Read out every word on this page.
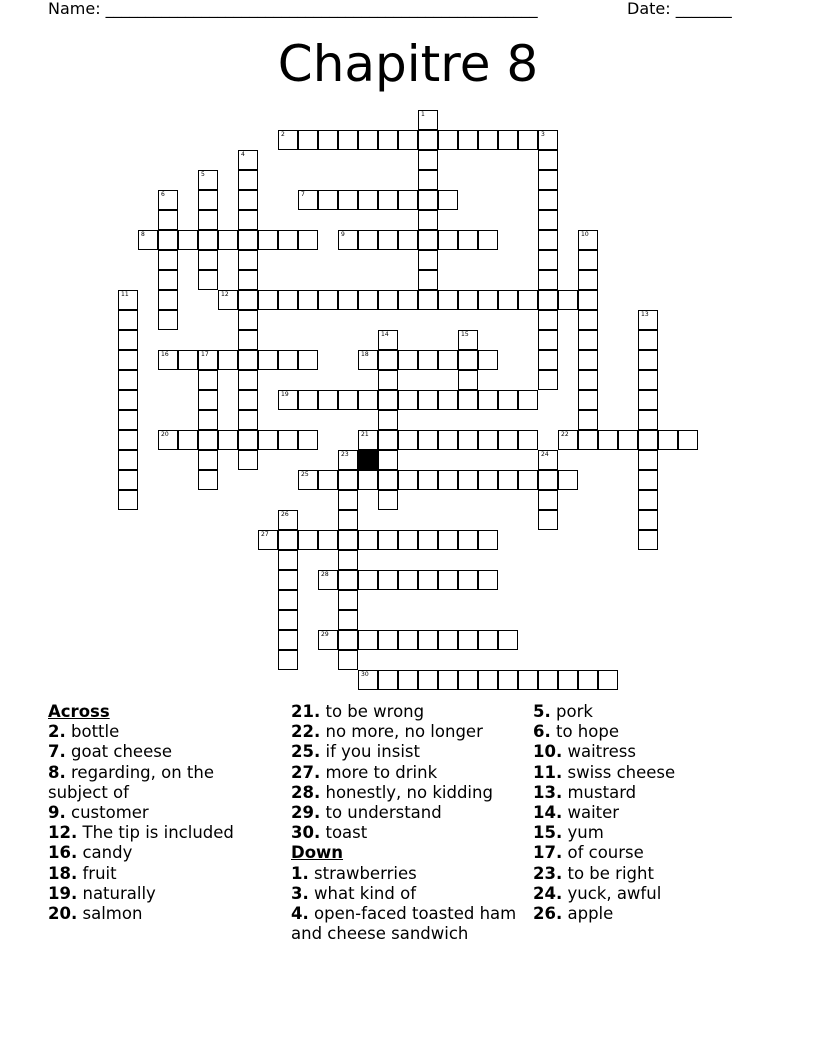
Name: ______________________________________________________	Date: _______
Chapitre 8
1
2	3
4
5
6	7
8	9	10
11	12
13
14	15
16	17	18
19
20	21	22
23	24
25
26
27
28
29
30
Across
2. bottle
7. goat cheese
8. regarding, on the subject of
9. customer
12. The tip is included
16. candy
18. fruit
19. naturally
20. salmon
21. to be wrong
22. no more, no longer
25. if you insist
27. more to drink
28. honestly, no kidding
29. to understand
30. toast
Down
1. strawberries
3. what kind of
4. open-faced toasted ham and cheese sandwich
5. pork
6. to hope
10. waitress
11. swiss cheese
13. mustard
14. waiter
15. yum
17. of course
23. to be right
24. yuck, awful
26. apple
